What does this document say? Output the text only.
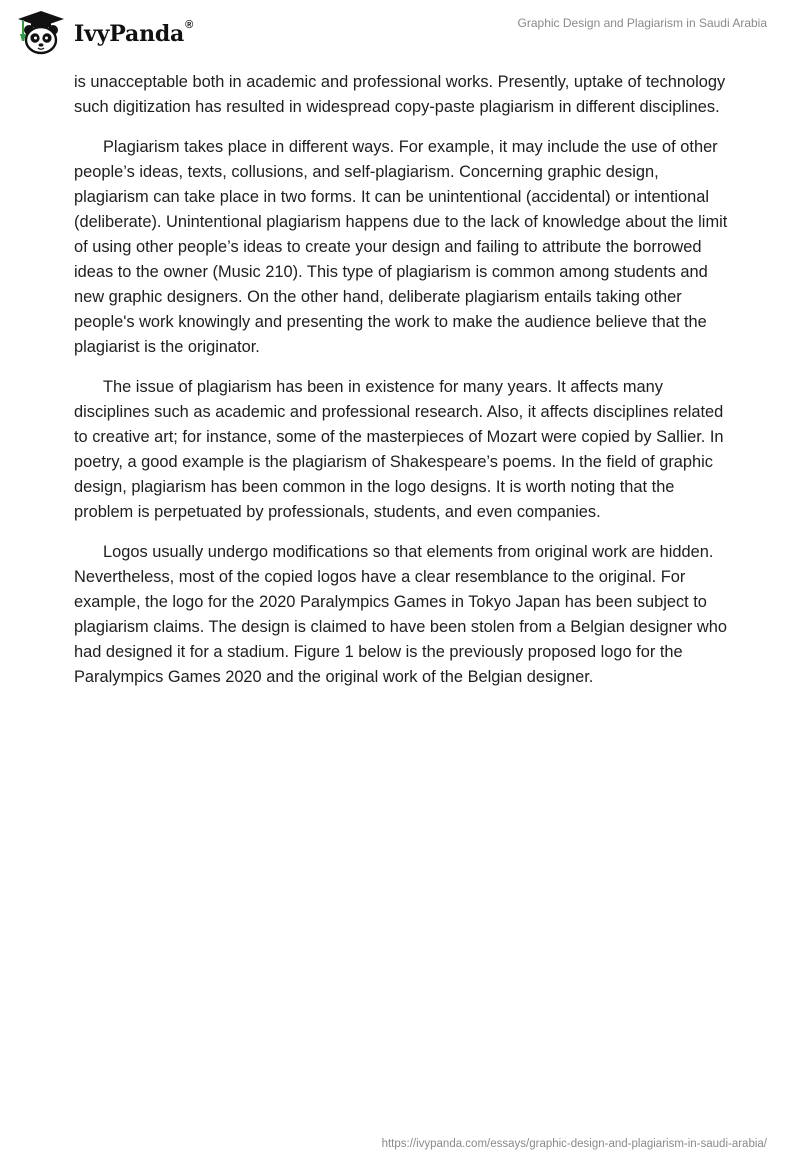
IvyPanda®	Graphic Design and Plagiarism in Saudi Arabia

is unacceptable both in academic and professional works. Presently, uptake of technology such digitization has resulted in widespread copy-paste plagiarism in different disciplines.

Plagiarism takes place in different ways. For example, it may include the use of other people’s ideas, texts, collusions, and self-plagiarism. Concerning graphic design, plagiarism can take place in two forms. It can be unintentional (accidental) or intentional (deliberate). Unintentional plagiarism happens due to the lack of knowledge about the limit of using other people’s ideas to create your design and failing to attribute the borrowed ideas to the owner (Music 210). This type of plagiarism is common among students and new graphic designers. On the other hand, deliberate plagiarism entails taking other people's work knowingly and presenting the work to make the audience believe that the plagiarist is the originator.

The issue of plagiarism has been in existence for many years. It affects many disciplines such as academic and professional research. Also, it affects disciplines related to creative art; for instance, some of the masterpieces of Mozart were copied by Sallier. In poetry, a good example is the plagiarism of Shakespeare’s poems. In the field of graphic design, plagiarism has been common in the logo designs. It is worth noting that the problem is perpetuated by professionals, students, and even companies.

Logos usually undergo modifications so that elements from original work are hidden. Nevertheless, most of the copied logos have a clear resemblance to the original. For example, the logo for the 2020 Paralympics Games in Tokyo Japan has been subject to plagiarism claims. The design is claimed to have been stolen from a Belgian designer who had designed it for a stadium. Figure 1 below is the previously proposed logo for the Paralympics Games 2020 and the original work of the Belgian designer.

https://ivypanda.com/essays/graphic-design-and-plagiarism-in-saudi-arabia/
